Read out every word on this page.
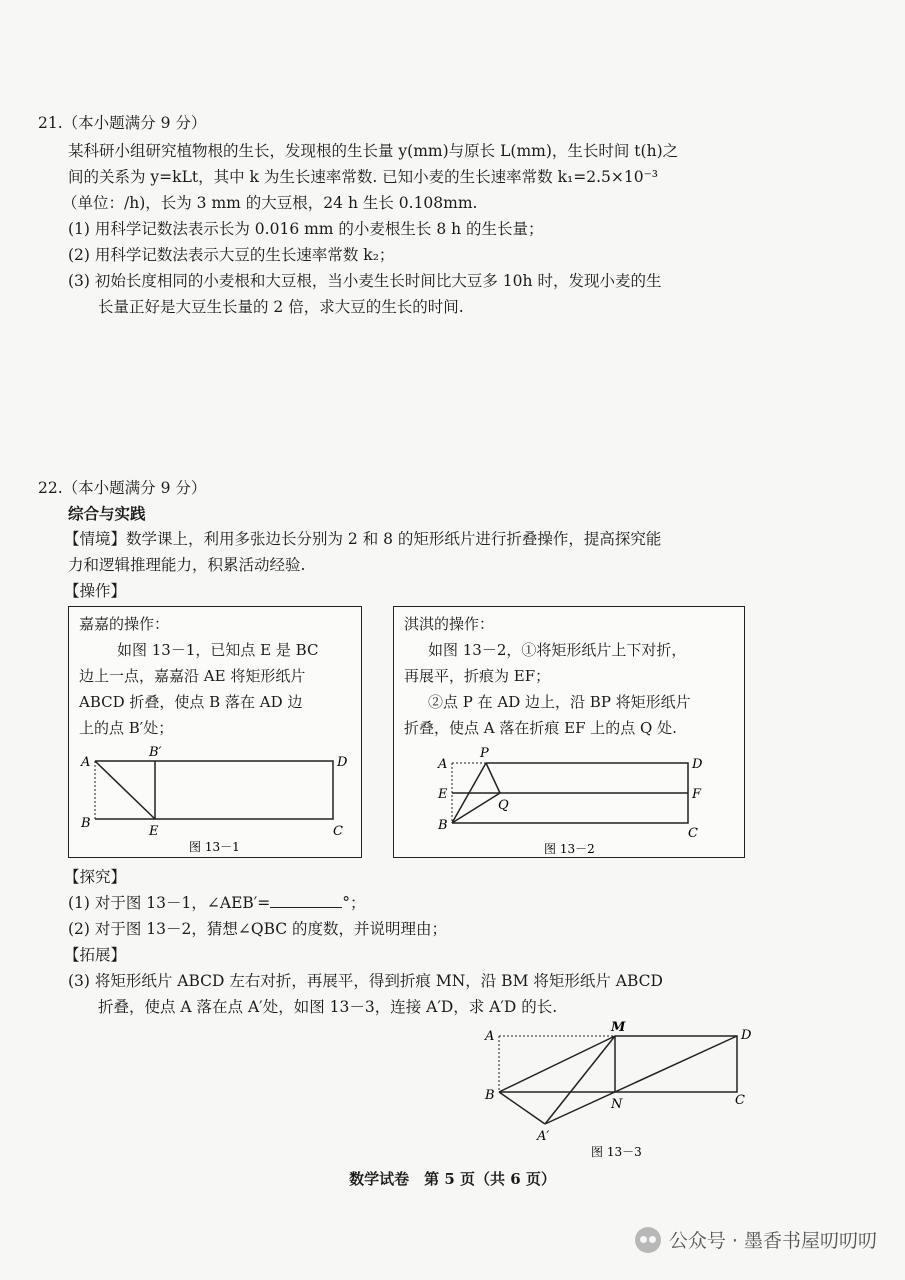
21.（本小题满分 9 分）
某科研小组研究植物根的生长，发现根的生长量 y(mm)与原长 L(mm)，生长时间 t(h)之
间的关系为 y=kLt，其中 k 为生长速率常数. 已知小麦的生长速率常数 k₁=2.5×10⁻³
（单位：/h)，长为 3 mm 的大豆根，24 h 生长 0.108mm.
(1) 用科学记数法表示长为 0.016 mm 的小麦根生长 8 h 的生长量；
(2) 用科学记数法表示大豆的生长速率常数 k₂；
(3) 初始长度相同的小麦根和大豆根，当小麦生长时间比大豆多 10h 时，发现小麦的生
长量正好是大豆生长量的 2 倍，求大豆的生长的时间.
22.（本小题满分 9 分）
综合与实践
【情境】数学课上，利用多张边长分别为 2 和 8 的矩形纸片进行折叠操作，提高探究能
力和逻辑推理能力，积累活动经验.
【操作】
嘉嘉的操作：
如图 13－1，已知点 E 是 BC
边上一点，嘉嘉沿 AE 将矩形纸片
ABCD 折叠，使点 B 落在 AD 边
上的点 B′处；
A
B′
D
B
E	C
图 13－1
淇淇的操作：
如图 13－2，①将矩形纸片上下对折，
再展平，折痕为 EF；
②点 P 在 AD 边上，沿 BP 将矩形纸片
折叠，使点 A 落在折痕 EF 上的点 Q 处.
A
P
D
E
Q
F
B
C
图 13－2
【探究】
(1) 对于图 13－1，∠AEB′=	°；
(2) 对于图 13－2，猜想∠QBC 的度数，并说明理由；
【拓展】
(3) 将矩形纸片 ABCD 左右对折，再展平，得到折痕 MN，沿 BM 将矩形纸片 ABCD
折叠，使点 A 落在点 A′处，如图 13－3，连接 A′D，求 A′D 的长.
A
M
D
B
N	C
A′
图 13－3
数学试卷　第 5 页（共 6 页）
公众号 · 墨香书屋叨叨叨
